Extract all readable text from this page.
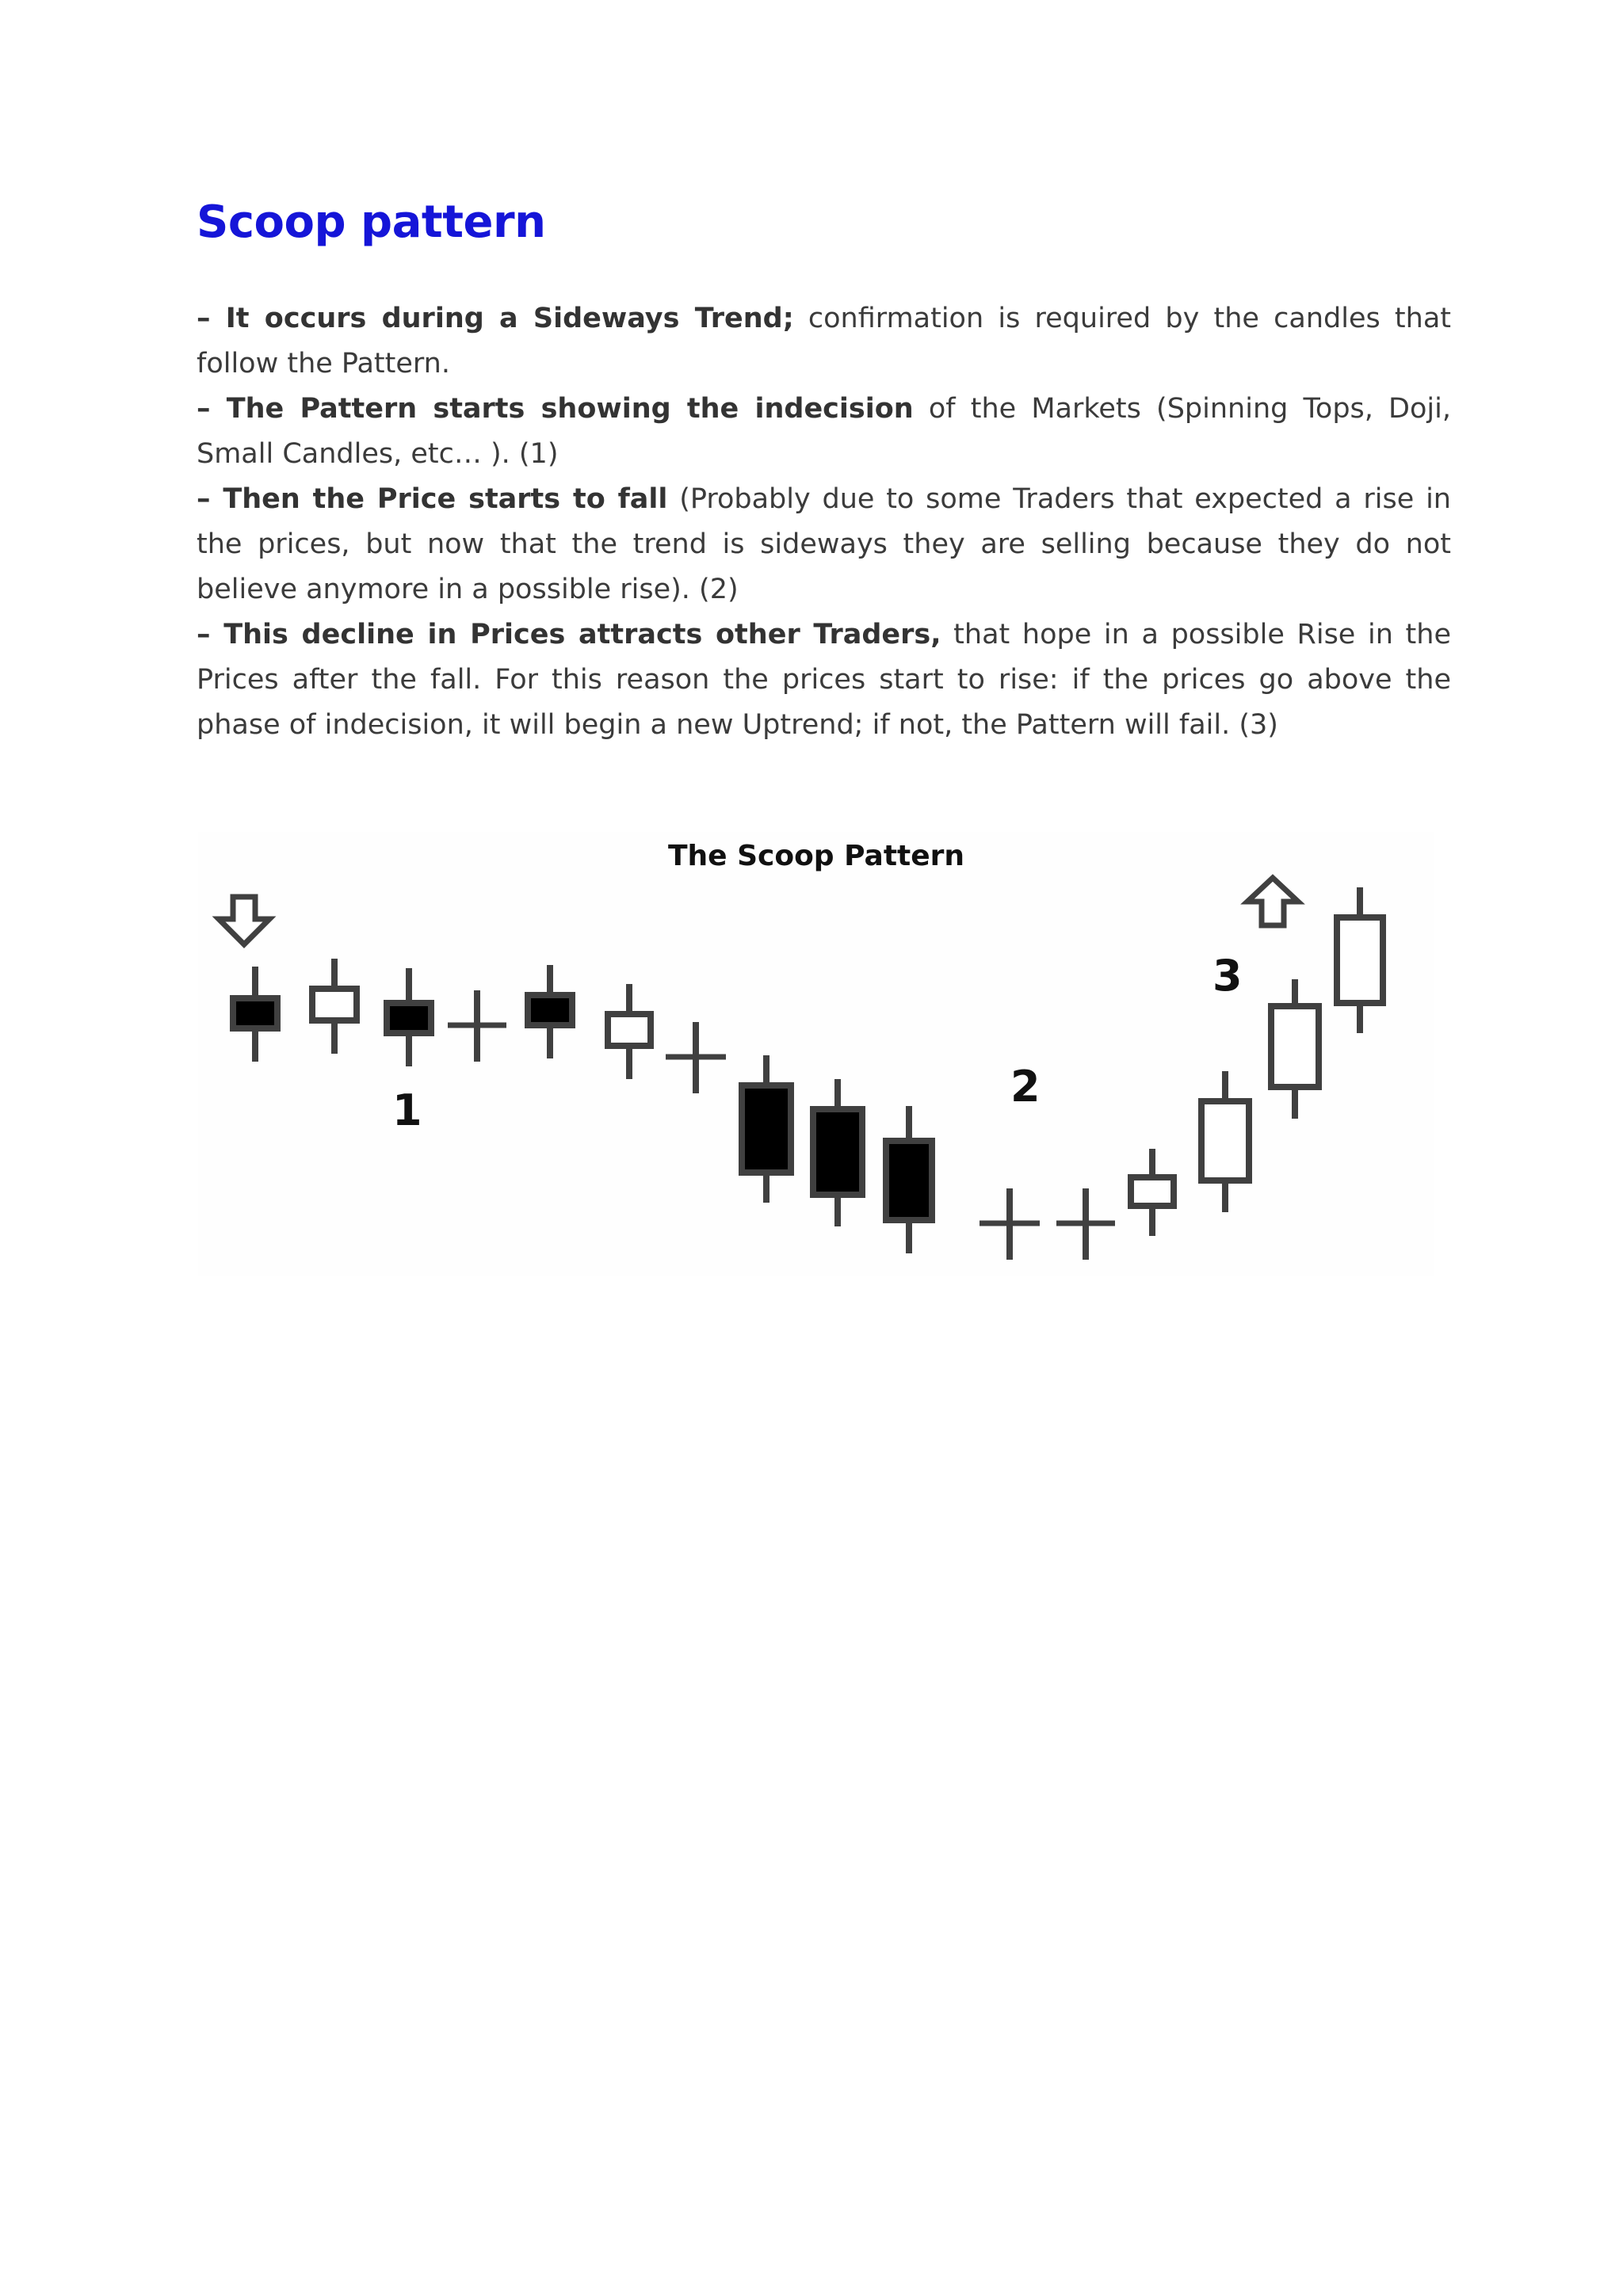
Scoop pattern

– It occurs during a Sideways Trend; confirmation is required by the candles that follow the Pattern.

– The Pattern starts showing the indecision of the Markets (Spinning Tops, Doji, Small Candles, etc… ). (1)

– Then the Price starts to fall (Probably due to some Traders that expected a rise in the prices, but now that the trend is sideways they are selling because they do not believe anymore in a possible rise). (2)

– This decline in Prices attracts other Traders, that hope in a possible Rise in the Prices after the fall. For this reason the prices start to rise: if the prices go above the phase of indecision, it will begin a new Uptrend; if not, the Pattern will fail. (3)

The Scoop Pattern
1	2
3
